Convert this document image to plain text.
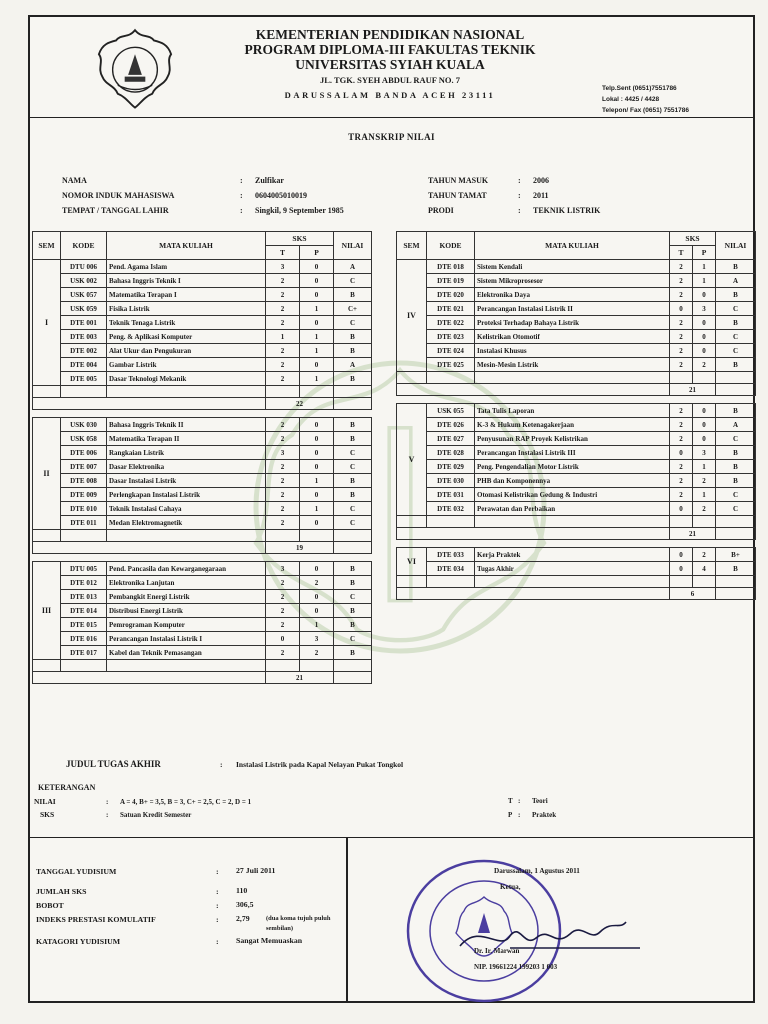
KEMENTERIAN PENDIDIKAN NASIONAL
PROGRAM DIPLOMA-III FAKULTAS TEKNIK
UNIVERSITAS SYIAH KUALA
JL. TGK. SYEH ABDUL RAUF NO. 7
DARUSSALAM BANDA ACEH 23111
Telp.Sent (0651)7551786
Lokal : 4425 / 4428
Telepon/ Fax (0651) 7551786
TRANSKRIP NILAI
NAMA	: Zulfikar
NOMOR INDUK MAHASISWA	: 0604005010019
TEMPAT / TANGGAL LAHIR	: Singkil, 9 September 1985
TAHUN MASUK	: 2006
TAHUN TAMAT	: 2011
PRODI	: TEKNIK LISTRIK
SEM	KODE	MATA KULIAH	SKS		NILAI
			T	P	
I	DTU 006	Pend. Agama Islam	3	0	A
	USK 002	Bahasa Inggris Teknik I	2	0	C
	USK 057	Matematika Terapan I	2	0	B
	USK 059	Fisika Listrik	2	1	C+
	DTE 001	Teknik Tenaga Listrik	2	0	C
	DTE 003	Peng. & Aplikasi Komputer	1	1	B
	DTE 002	Alat Ukur dan Pengukuran	2	1	B
	DTE 004	Gambar Listrik	2	0	A
	DTE 005	Dasar Teknologi Mekanik	2	1	B

			22		

II	USK 030	Bahasa Inggris Teknik II	2	0	B
	USK 058	Matematika Terapan II	2	0	B
	DTE 006	Rangkaian Listrik	3	0	C
	DTE 007	Dasar Elektronika	2	0	C
	DTE 008	Dasar Instalasi Listrik	2	1	B
	DTE 009	Perlengkapan Instalasi Listrik	2	0	B
	DTE 010	Teknik Instalasi Cahaya	2	1	C
	DTE 011	Medan Elektromagnetik	2	0	C

			19		

III	DTU 005	Pend. Pancasila dan Kewarganegaraan	3	0	B
	DTE 012	Elektronika Lanjutan	2	2	B
	DTE 013	Pembangkit Energi Listrik	2	0	C
	DTE 014	Distribusi Energi Listrik	2	0	B
	DTE 015	Pemrograman Komputer	2	1	B
	DTE 016	Perancangan Instalasi Listrik I	0	3	C
	DTE 017	Kabel dan Teknik Pemasangan	2	2	B

			21		
SEM	KODE	MATA KULIAH	SKS		NILAI
			T	P	
IV	DTE 018	Sistem Kendali	2	1	B
	DTE 019	Sistem Mikroprosesor	2	1	A
	DTE 020	Elektronika Daya	2	0	B
	DTE 021	Perancangan Instalasi Listrik II	0	3	C
	DTE 022	Proteksi Terhadap Bahaya Listrik	2	0	B
	DTE 023	Kelistrikan Otomotif	2	0	C
	DTE 024	Instalasi Khusus	2	0	C
	DTE 025	Mesin-Mesin Listrik	2	2	B

			21		

V	USK 055	Tata Tulis Laporan	2	0	B
	DTE 026	K-3 & Hukum Ketenagakerjaan	2	0	A
	DTE 027	Penyusunan RAP Proyek Kelistrikan	2	0	C
	DTE 028	Perancangan Instalasi Listrik III	0	3	B
	DTE 029	Peng. Pengendalian Motor Listrik	2	1	B
	DTE 030	PHB dan Komponennya	2	2	B
	DTE 031	Otomasi Kelistrikan Gedung & Industri	2	1	C
	DTE 032	Perawatan dan Perbaikan	0	2	C

			21		

VI	DTE 033	Kerja Praktek	0	2	B+
	DTE 034	Tugas Akhir	0	4	B

			6		
JUDUL TUGAS AKHIR	: Instalasi Listrik pada Kapal Nelayan Pukat Tongkol
KETERANGAN
NILAI	: A = 4, B+ = 3,5, B = 3, C+ = 2,5, C = 2, D = 1
SKS	: Satuan Kredit Semester
T : Teori
P : Praktek
TANGGAL YUDISIUM	: 27 Juli 2011
JUMLAH SKS	: 110
BOBOT	: 306,5
INDEKS PRESTASI KOMULATIF	: 2,79	(dua koma tujuh puluh sembilan)
KATAGORI YUDISIUM	: Sangat Memuaskan
Darussalam, 1 Agustus 2011
Ketua,
Dr. Ir. Marwan
NIP. 19661224 199203 1 003
